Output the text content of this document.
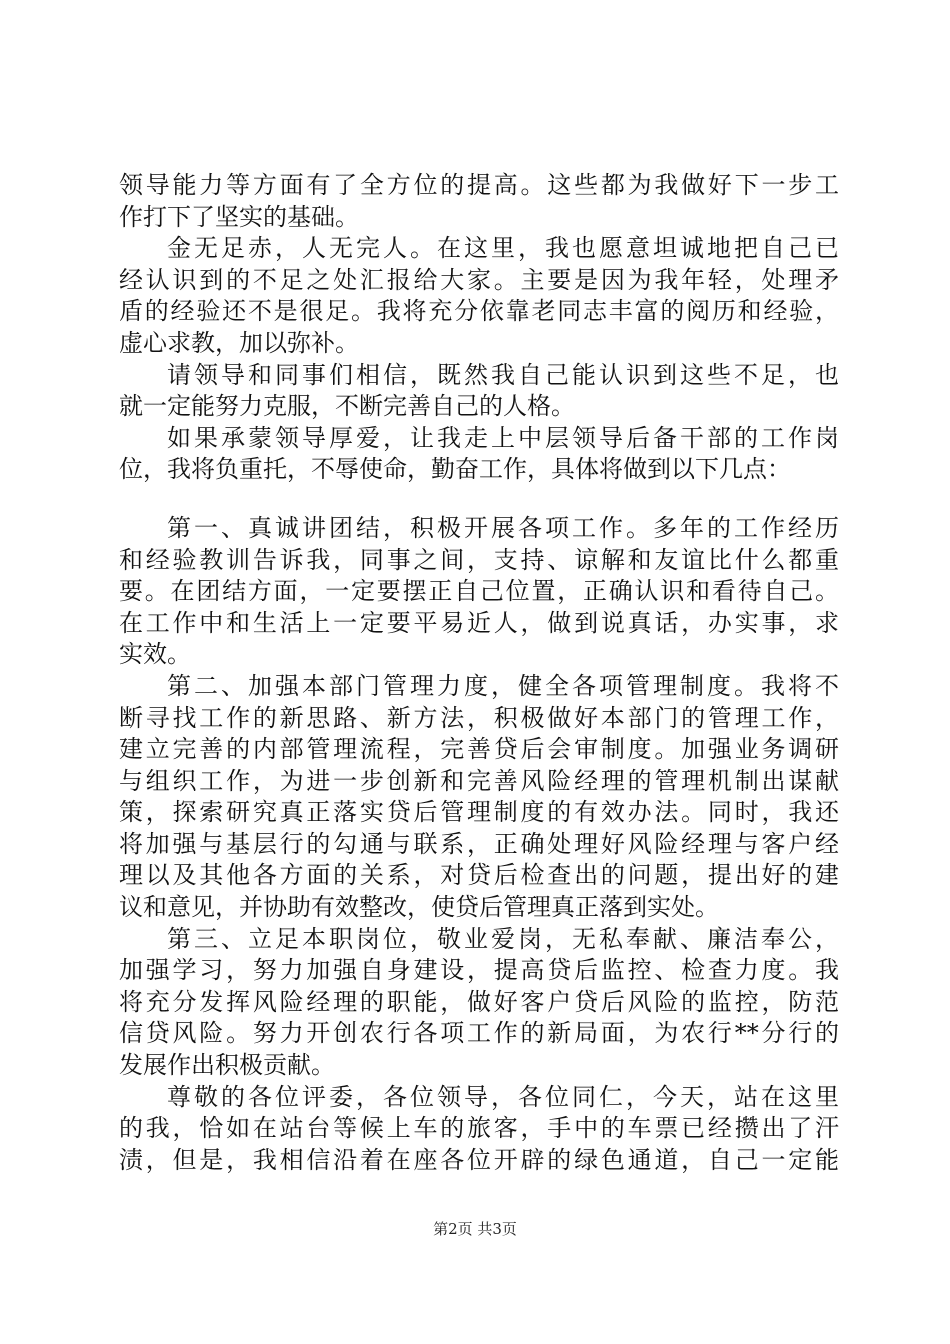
领导能力等方面有了全方位的提高。这些都为我做好下一步工
作打下了坚实的基础。
金无足赤，人无完人。在这里，我也愿意坦诚地把自己已
经认识到的不足之处汇报给大家。主要是因为我年轻，处理矛
盾的经验还不是很足。我将充分依靠老同志丰富的阅历和经验，
虚心求教，加以弥补。
请领导和同事们相信，既然我自己能认识到这些不足，也
就一定能努力克服，不断完善自己的人格。
如果承蒙领导厚爱，让我走上中层领导后备干部的工作岗
位，我将负重托，不辱使命，勤奋工作，具体将做到以下几点：
第一、真诚讲团结，积极开展各项工作。多年的工作经历
和经验教训告诉我，同事之间，支持、谅解和友谊比什么都重
要。在团结方面，一定要摆正自己位置，正确认识和看待自己。
在工作中和生活上一定要平易近人，做到说真话，办实事，求
实效。
第二、加强本部门管理力度，健全各项管理制度。我将不
断寻找工作的新思路、新方法，积极做好本部门的管理工作，
建立完善的内部管理流程，完善贷后会审制度。加强业务调研
与组织工作，为进一步创新和完善风险经理的管理机制出谋献
策，探索研究真正落实贷后管理制度的有效办法。同时，我还
将加强与基层行的勾通与联系，正确处理好风险经理与客户经
理以及其他各方面的关系，对贷后检查出的问题，提出好的建
议和意见，并协助有效整改，使贷后管理真正落到实处。
第三、立足本职岗位，敬业爱岗，无私奉献、廉洁奉公，
加强学习，努力加强自身建设，提高贷后监控、检查力度。我
将充分发挥风险经理的职能，做好客户贷后风险的监控，防范
信贷风险。努力开创农行各项工作的新局面，为农行**分行的
发展作出积极贡献。
尊敬的各位评委，各位领导，各位同仁，今天，站在这里
的我，恰如在站台等候上车的旅客，手中的车票已经攒出了汗
渍，但是，我相信沿着在座各位开辟的绿色通道，自己一定能
第2页 共3页
